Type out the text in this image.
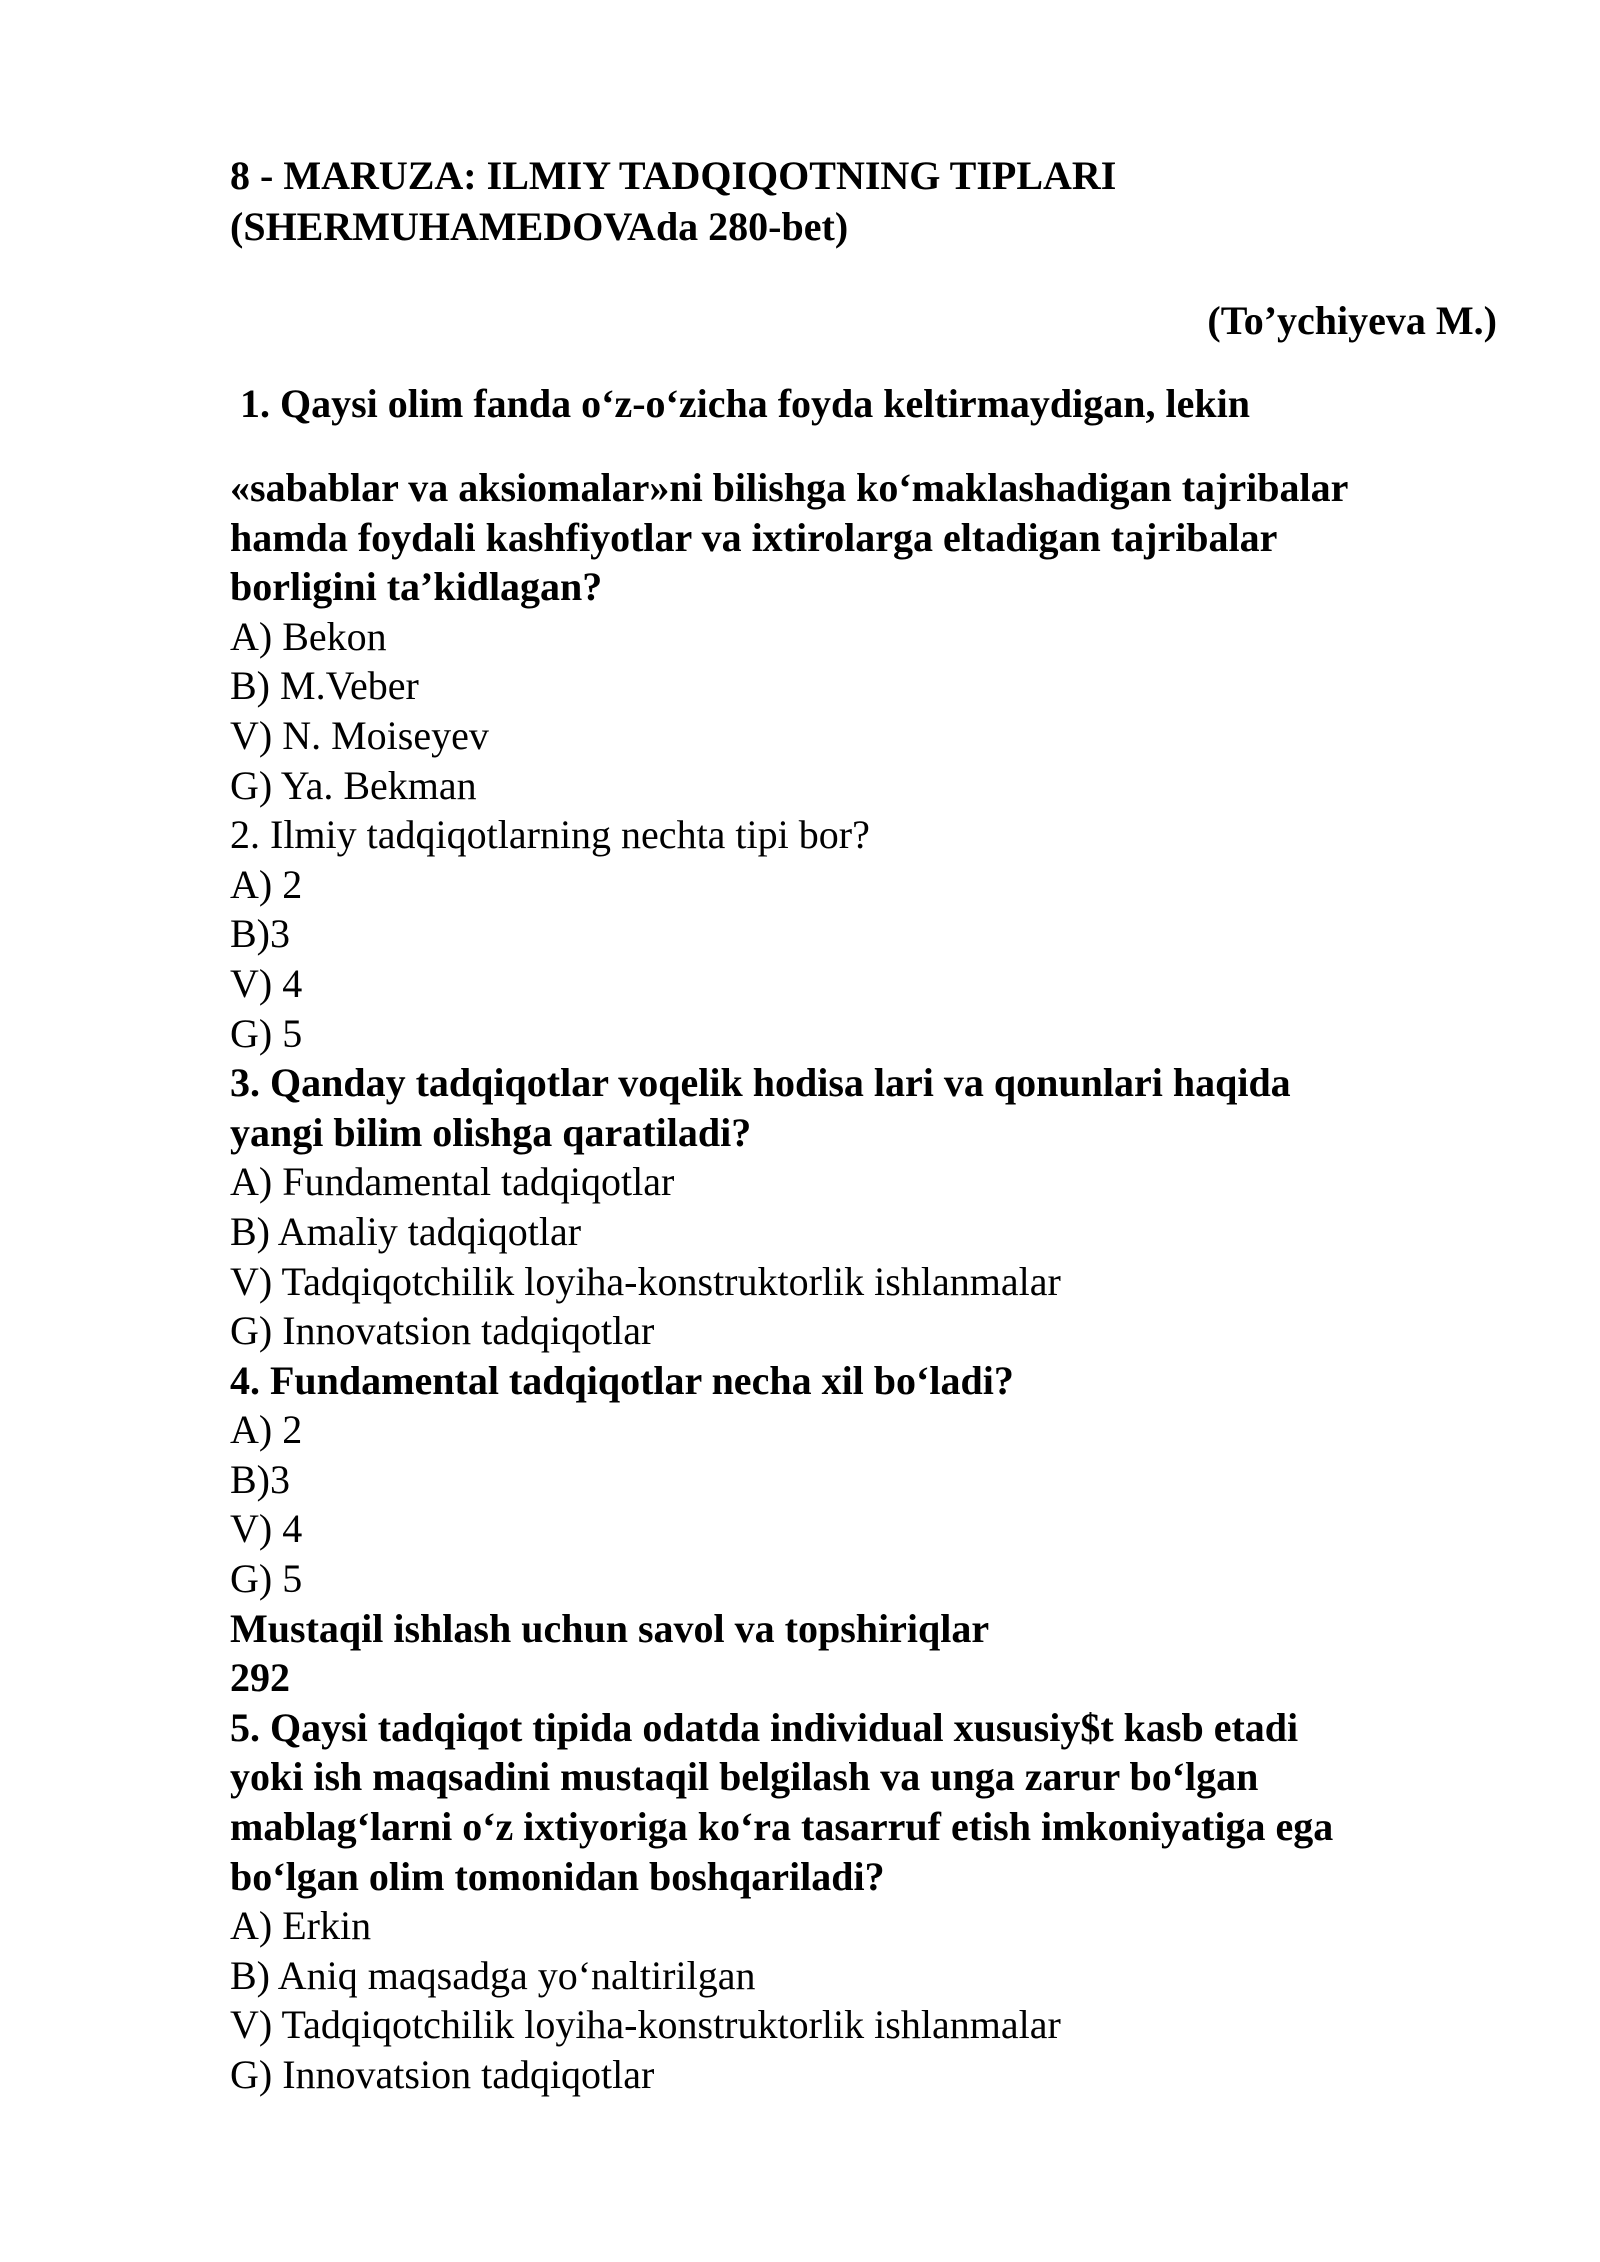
8 - MARUZA: ILMIY TADQIQOTNING TIPLARI
(SHERMUHAMEDOVAda 280-bet)
(To’ychiyeva M.)
1. Qaysi olim fanda o‘z-o‘zicha foyda keltirmaydigan, lekin
«sabablar va aksiomalar»ni bilishga ko‘maklashadigan tajribalar
hamda foydali kashfiyotlar va ixtirolarga eltadigan tajribalar
borligini ta’kidlagan?
A) Bekon
B) M.Veber
V) N. Moiseyev
G) Ya. Bekman
2. Ilmiy tadqiqotlarning nechta tipi bor?
A) 2
B)3
V) 4
G) 5
3. Qanday tadqiqotlar voqelik hodisa lari va qonunlari haqida
yangi bilim olishga qaratiladi?
A) Fundamental tadqiqotlar
B) Amaliy tadqiqotlar
V) Tadqiqotchilik loyiha-konstruktorlik ishlanmalar
G) Innovatsion tadqiqotlar
4. Fundamental tadqiqotlar necha xil bo‘ladi?
A) 2
B)3
V) 4
G) 5
Mustaqil ishlash uchun savol va topshiriqlar
292
5. Qaysi tadqiqot tipida odatda individual xususiy$t kasb etadi
yoki ish maqsadini mustaqil belgilash va unga zarur bo‘lgan
mablag‘larni o‘z ixtiyoriga ko‘ra tasarruf etish imkoniyatiga ega
bo‘lgan olim tomonidan boshqariladi?
A) Erkin
B) Aniq maqsadga yo‘naltirilgan
V) Tadqiqotchilik loyiha-konstruktorlik ishlanmalar
G) Innovatsion tadqiqotlar
